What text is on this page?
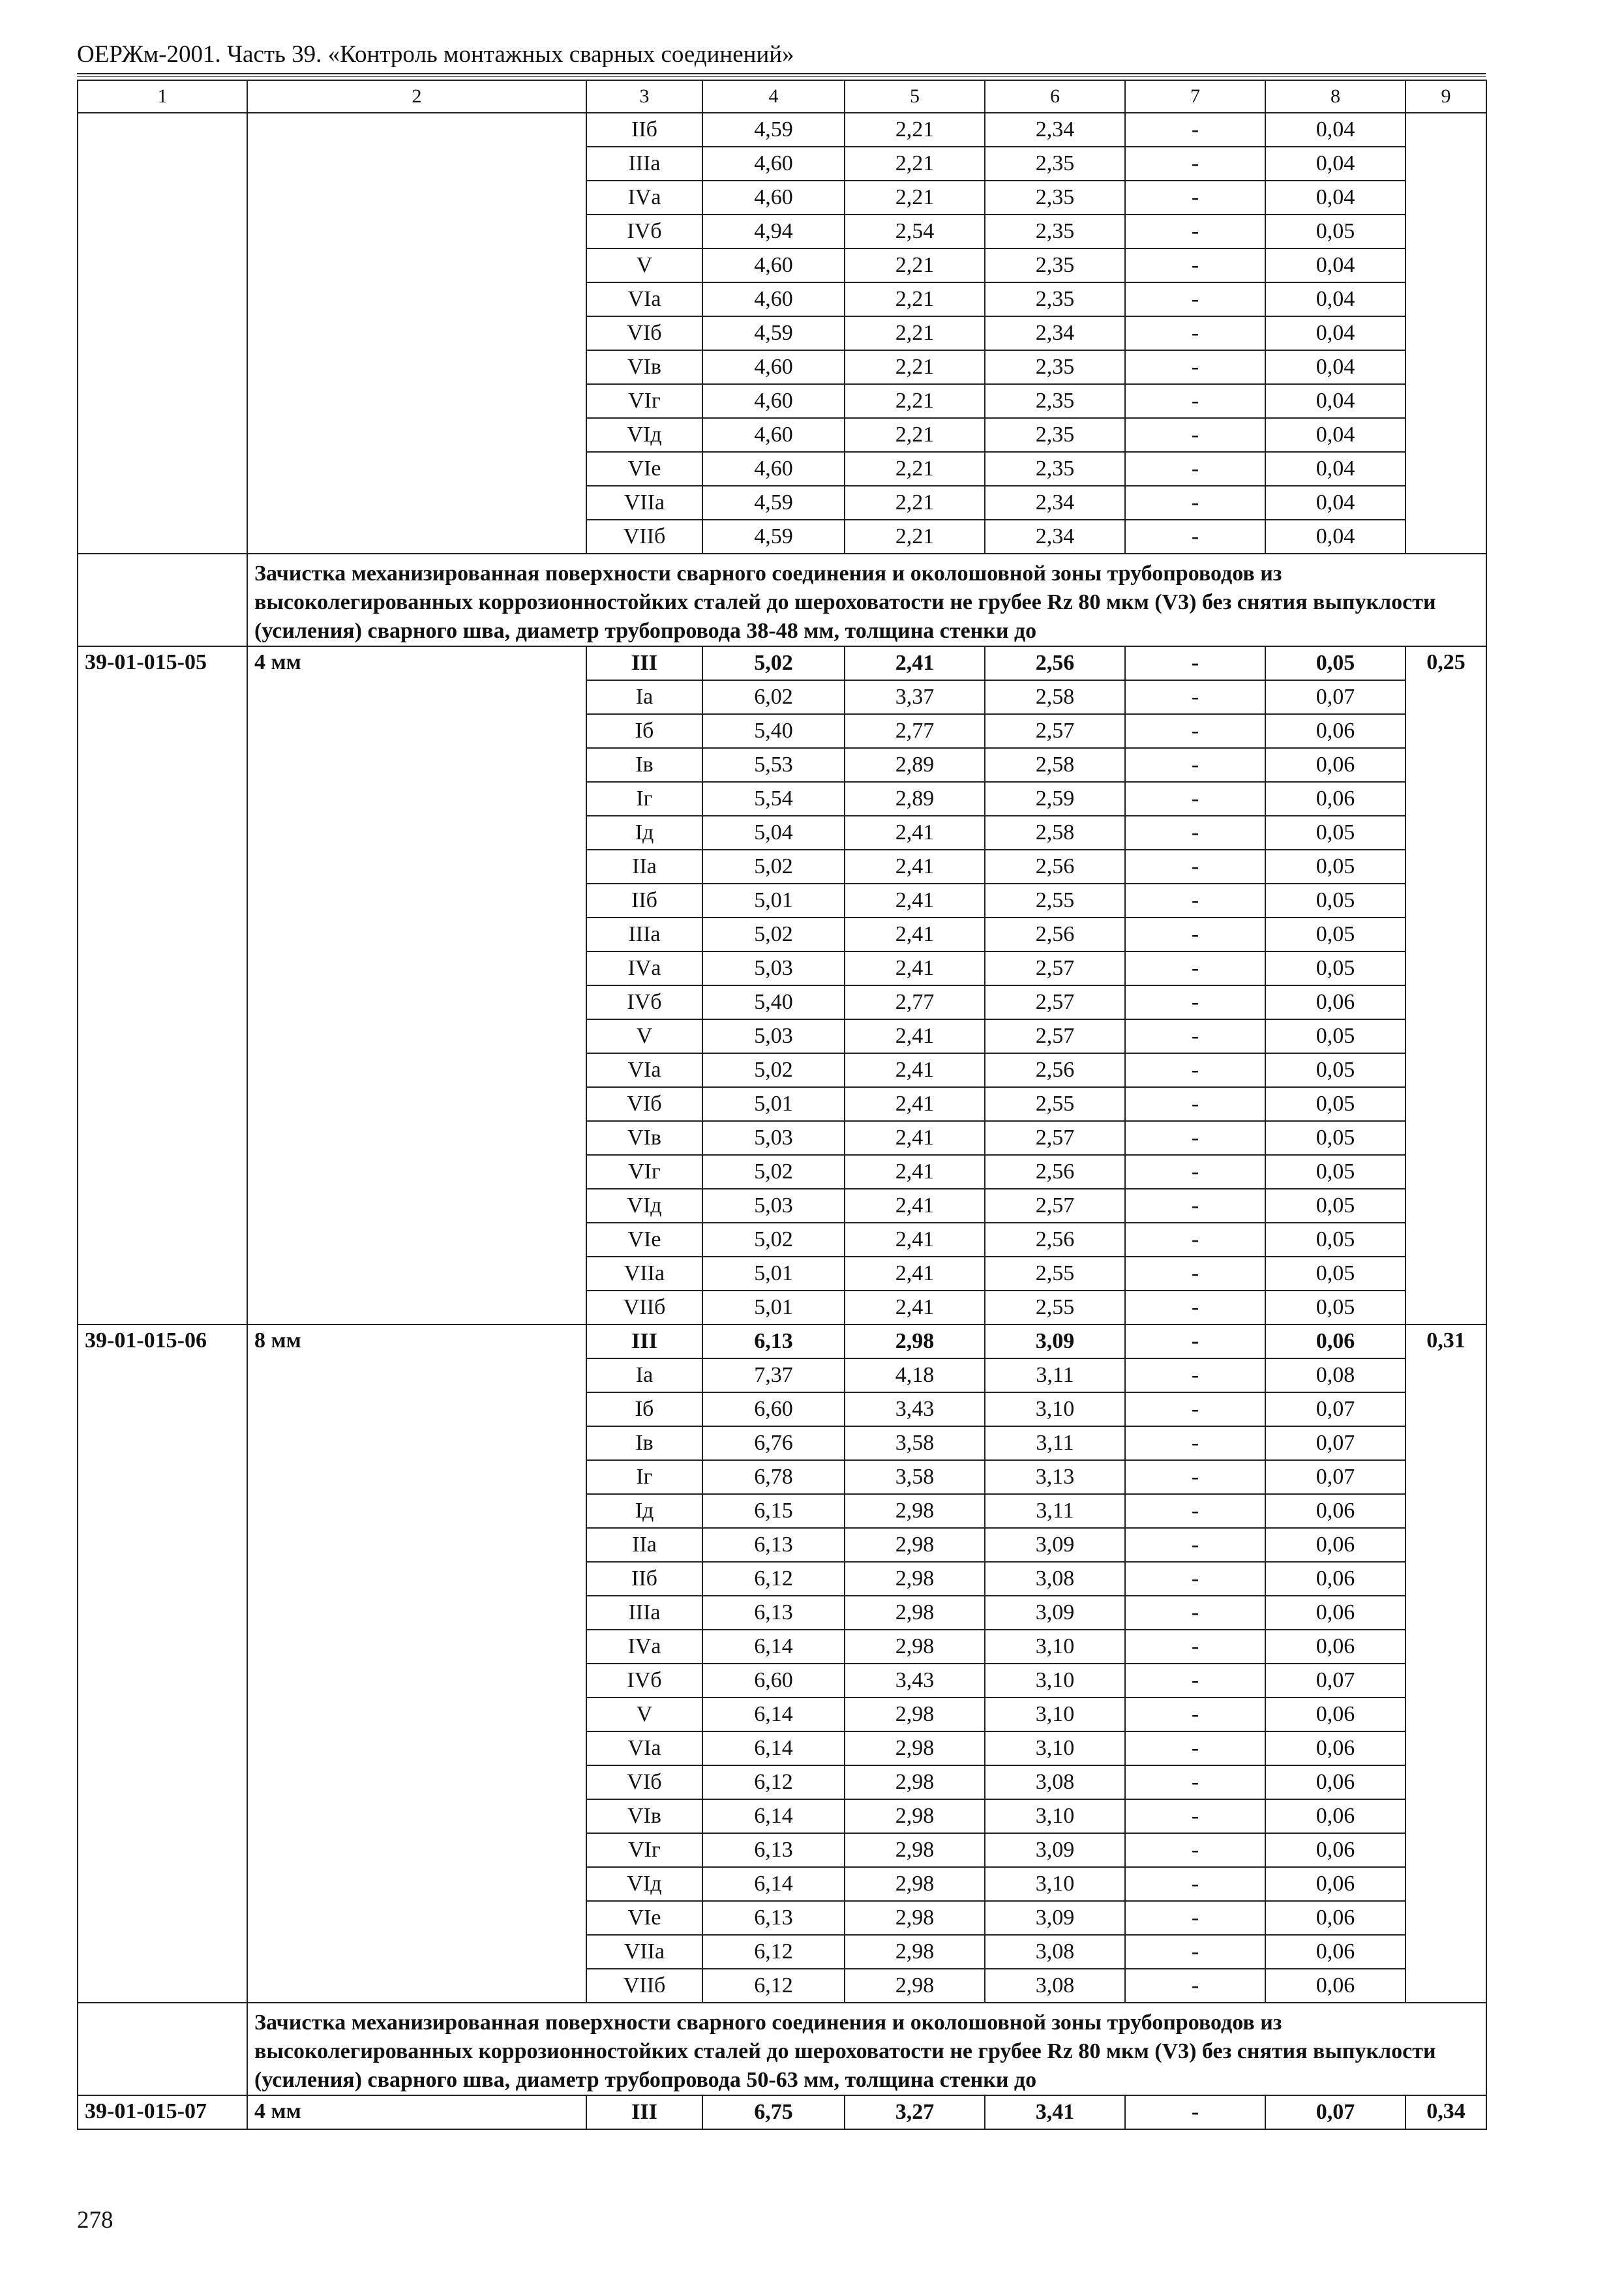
ОЕРЖм-2001. Часть 39. «Контроль монтажных сварных соединений»
1	2	3	4	5	6	7	8	9
		IIб	4,59	2,21	2,34	-	0,04	
		IIIа	4,60	2,21	2,35	-	0,04	
		IVа	4,60	2,21	2,35	-	0,04	
		IVб	4,94	2,54	2,35	-	0,05	
		V	4,60	2,21	2,35	-	0,04	
		VIа	4,60	2,21	2,35	-	0,04	
		VIб	4,59	2,21	2,34	-	0,04	
		VIв	4,60	2,21	2,35	-	0,04	
		VIг	4,60	2,21	2,35	-	0,04	
		VIд	4,60	2,21	2,35	-	0,04	
		VIе	4,60	2,21	2,35	-	0,04	
		VIIа	4,59	2,21	2,34	-	0,04	
		VIIб	4,59	2,21	2,34	-	0,04	
	Зачистка механизированная поверхности сварного соединения и околошовной зоны трубопроводов из высоколегированных коррозионностойких сталей до шероховатости не грубее Rz 80 мкм (V3) без снятия выпуклости (усиления) сварного шва, диаметр трубопровода 38-48 мм, толщина стенки до							
39-01-015-05	4 мм	III	5,02	2,41	2,56	-	0,05	0,25
		Iа	6,02	3,37	2,58	-	0,07	
		Iб	5,40	2,77	2,57	-	0,06	
		Iв	5,53	2,89	2,58	-	0,06	
		Iг	5,54	2,89	2,59	-	0,06	
		Iд	5,04	2,41	2,58	-	0,05	
		IIа	5,02	2,41	2,56	-	0,05	
		IIб	5,01	2,41	2,55	-	0,05	
		IIIа	5,02	2,41	2,56	-	0,05	
		IVа	5,03	2,41	2,57	-	0,05	
		IVб	5,40	2,77	2,57	-	0,06	
		V	5,03	2,41	2,57	-	0,05	
		VIа	5,02	2,41	2,56	-	0,05	
		VIб	5,01	2,41	2,55	-	0,05	
		VIв	5,03	2,41	2,57	-	0,05	
		VIг	5,02	2,41	2,56	-	0,05	
		VIд	5,03	2,41	2,57	-	0,05	
		VIе	5,02	2,41	2,56	-	0,05	
		VIIа	5,01	2,41	2,55	-	0,05	
		VIIб	5,01	2,41	2,55	-	0,05	
39-01-015-06	8 мм	III	6,13	2,98	3,09	-	0,06	0,31
		Iа	7,37	4,18	3,11	-	0,08	
		Iб	6,60	3,43	3,10	-	0,07	
		Iв	6,76	3,58	3,11	-	0,07	
		Iг	6,78	3,58	3,13	-	0,07	
		Iд	6,15	2,98	3,11	-	0,06	
		IIа	6,13	2,98	3,09	-	0,06	
		IIб	6,12	2,98	3,08	-	0,06	
		IIIа	6,13	2,98	3,09	-	0,06	
		IVа	6,14	2,98	3,10	-	0,06	
		IVб	6,60	3,43	3,10	-	0,07	
		V	6,14	2,98	3,10	-	0,06	
		VIа	6,14	2,98	3,10	-	0,06	
		VIб	6,12	2,98	3,08	-	0,06	
		VIв	6,14	2,98	3,10	-	0,06	
		VIг	6,13	2,98	3,09	-	0,06	
		VIд	6,14	2,98	3,10	-	0,06	
		VIе	6,13	2,98	3,09	-	0,06	
		VIIа	6,12	2,98	3,08	-	0,06	
		VIIб	6,12	2,98	3,08	-	0,06	
	Зачистка механизированная поверхности сварного соединения и околошовной зоны трубопроводов из высоколегированных коррозионностойких сталей до шероховатости не грубее Rz 80 мкм (V3) без снятия выпуклости (усиления) сварного шва, диаметр трубопровода 50-63 мм, толщина стенки до							
39-01-015-07	4 мм	III	6,75	3,27	3,41	-	0,07	0,34
278
